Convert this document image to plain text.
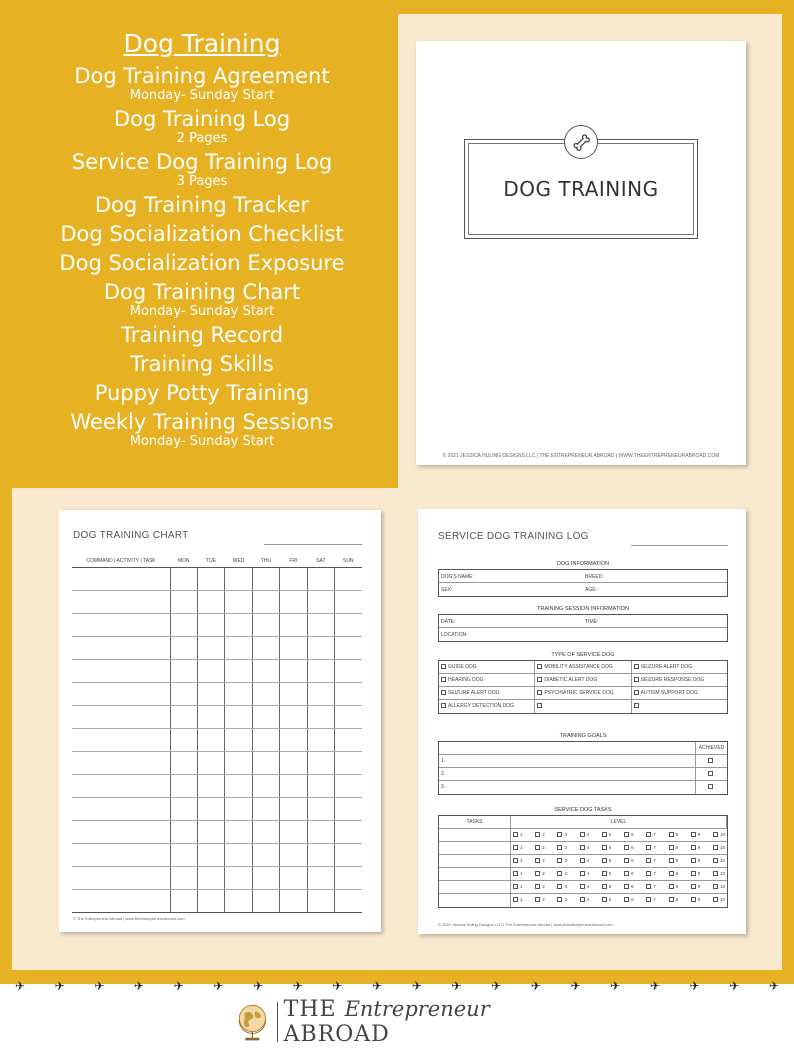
Dog Training
Dog Training Agreement
Monday- Sunday Start
Dog Training Log
2 Pages
Service Dog Training Log
3 Pages
Dog Training Tracker
Dog Socialization Checklist
Dog Socialization Exposure
Dog Training Chart
Monday- Sunday Start
Training Record
Training Skills
Puppy Potty Training
Weekly Training Sessions
Monday- Sunday Start
DOG TRAINING
© 2021 JESSICA HULING DESIGNS LLC | THE ENTREPRENEUR ABROAD | WWW.THEENTREPRENEURABROAD.COM
DOG TRAINING CHART
COMMAND | ACTIVITY | TASK	MON	TUE	WED	THU	FRI	SAT	SUN

© The Entrepreneur Abroad | www.theentrepreneurabroad.com
SERVICE DOG TRAINING LOG
DOG INFORMATION
DOG'S NAME:	BREED:
SEX:	AGE:
TRAINING SESSION INFORMATION
DATE:	TIME:
LOCATION:
TYPE OF SERVICE DOG
GUIDE DOG	MOBILITY ASSISTANCE DOG	SEIZURE ALERT DOG
HEARING DOG	DIABETIC ALERT DOG	SEIZURE RESPONSE DOG
SEIZURE ALERT DOG	PSYCHIATRIC SERVICE DOG	AUTISM SUPPORT DOG
ALLERGY DETECTION DOG
TRAINING GOALS
ACHIEVED
1.
2.
3.
SERVICE DOG TASKS
TASKS	LEVEL
1	2	3	4	5	6	7	8	9	10
1	2	3	4	5	6	7	8	9	10
1	2	3	4	5	6	7	8	9	10
1	2	3	4	5	6	7	8	9	10
1	2	3	4	5	6	7	8	9	10
1	2	3	4	5	6	7	8	9	10
© 2021 Jessica Huling Designs LLC | The Entrepreneur Abroad | www.theentrepreneurabroad.com
✈ ✈ ✈ ✈ ✈ ✈ ✈ ✈ ✈ ✈ ✈ ✈ ✈ ✈ ✈ ✈ ✈ ✈ ✈ ✈
THE Entrepreneur ABROAD
